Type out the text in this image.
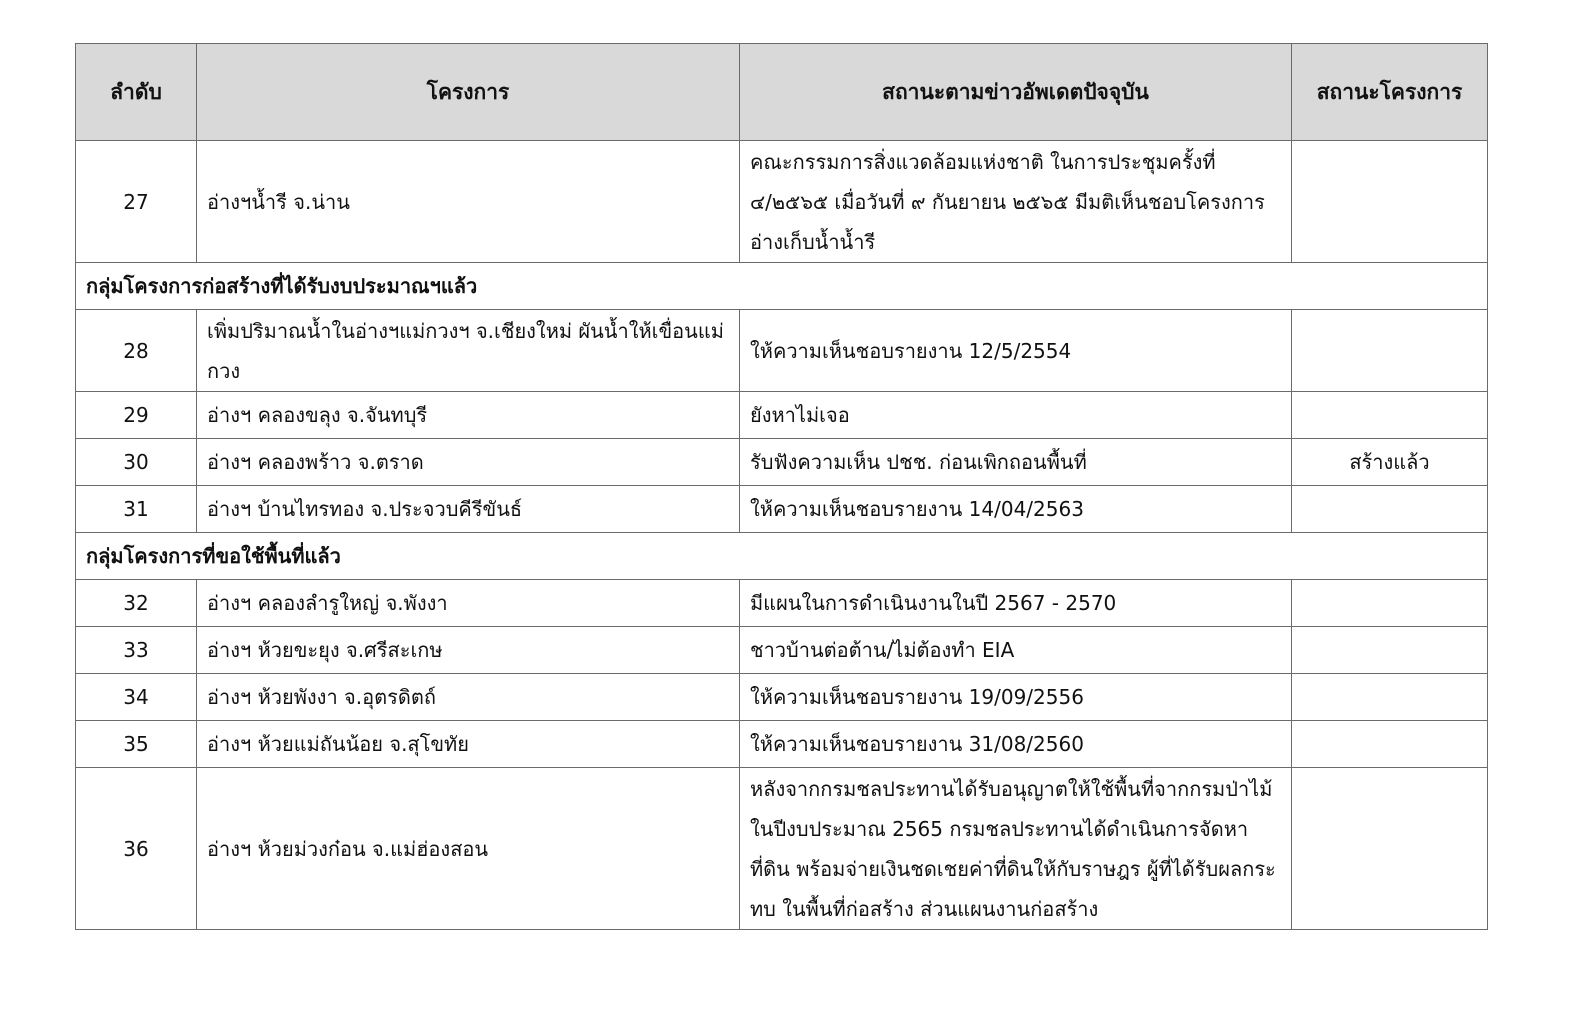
ลำดับ	โครงการ	สถานะตามข่าวอัพเดตปัจจุบัน	สถานะโครงการ
27	อ่างฯน้ำรี จ.น่าน	คณะกรรมการสิ่งแวดล้อมแห่งชาติ ในการประชุมครั้งที่ ๔/๒๕๖๕ เมื่อวันที่ ๙ กันยายน ๒๕๖๕ มีมติเห็นชอบโครงการอ่างเก็บน้ำน้ำรี	
กลุ่มโครงการก่อสร้างที่ได้รับงบประมาณฯแล้ว			
28	เพิ่มปริมาณน้ำในอ่างฯแม่กวงฯ จ.เชียงใหม่ ผันน้ำให้เขื่อนแม่กวง	ให้ความเห็นชอบรายงาน 12/5/2554	
29	อ่างฯ คลองขลุง จ.จันทบุรี	ยังหาไม่เจอ	
30	อ่างฯ คลองพร้าว จ.ตราด	รับฟังความเห็น ปชช. ก่อนเพิกถอนพื้นที่	สร้างแล้ว
31	อ่างฯ บ้านไทรทอง จ.ประจวบคีรีขันธ์	ให้ความเห็นชอบรายงาน 14/04/2563	
กลุ่มโครงการที่ขอใช้พื้นที่แล้ว			
32	อ่างฯ คลองลำรูใหญ่ จ.พังงา	มีแผนในการดำเนินงานในปี 2567 - 2570	
33	อ่างฯ ห้วยขะยุง จ.ศรีสะเกษ	ชาวบ้านต่อต้าน/ไม่ต้องทำ EIA	
34	อ่างฯ ห้วยพังงา จ.อุตรดิตถ์	ให้ความเห็นชอบรายงาน 19/09/2556	
35	อ่างฯ ห้วยแม่ถันน้อย จ.สุโขทัย	ให้ความเห็นชอบรายงาน 31/08/2560	
36	อ่างฯ ห้วยม่วงก๋อน จ.แม่ฮ่องสอน	หลังจากกรมชลประทานได้รับอนุญาตให้ใช้พื้นที่จากกรมป่าไม้ ในปีงบประมาณ 2565 กรมชลประทานได้ดำเนินการจัดหาที่ดิน พร้อมจ่ายเงินชดเชยค่าที่ดินให้กับราษฎร ผู้ที่ได้รับผลกระทบ ในพื้นที่ก่อสร้าง ส่วนแผนงานก่อสร้าง	
